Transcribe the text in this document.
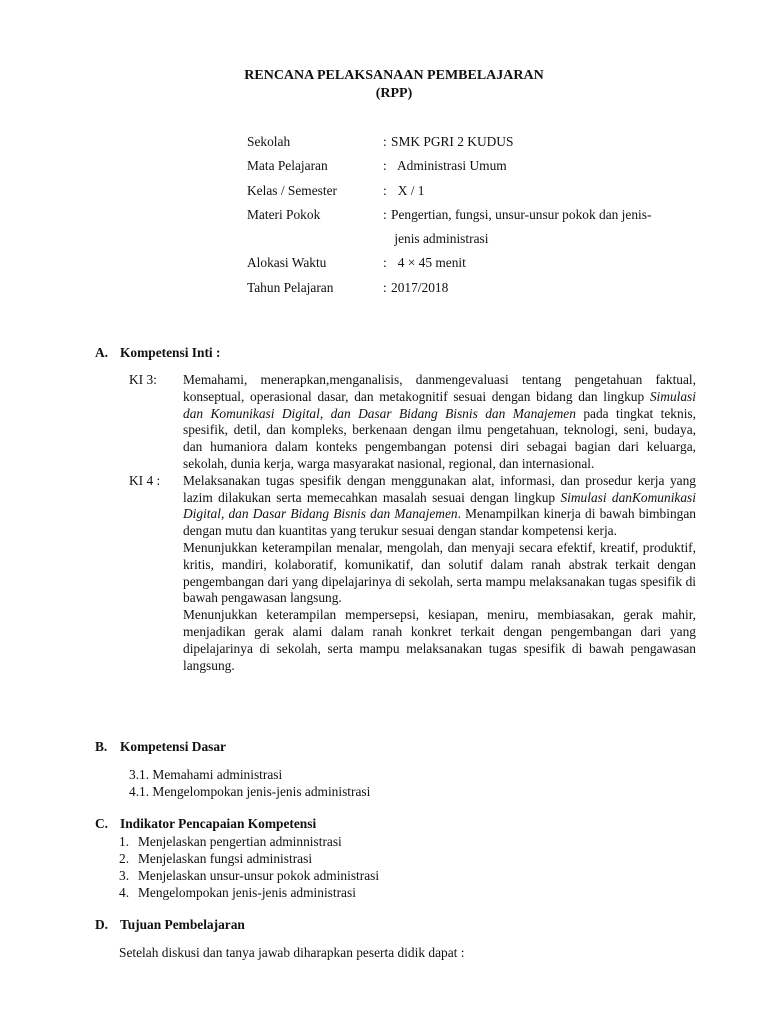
RENCANA PELAKSANAAN PEMBELAJARAN
(RPP)
Sekolah	: SMK PGRI 2 KUDUS
Mata Pelajaran	: Administrasi Umum
Kelas / Semester	: X / 1
Materi Pokok	: Pengertian, fungsi, unsur-unsur pokok dan jenis-
jenis administrasi
Alokasi Waktu	: 4 × 45 menit
Tahun Pelajaran	: 2017/2018
A. Kompetensi Inti :
KI 3:	Memahami, menerapkan,menganalisis, danmengevaluasi tentang pengetahuan faktual, konseptual, operasional dasar, dan metakognitif sesuai dengan bidang dan lingkup Simulasi dan Komunikasi Digital, dan Dasar Bidang Bisnis dan Manajemen pada tingkat teknis, spesifik, detil, dan kompleks, berkenaan dengan ilmu pengetahuan, teknologi, seni, budaya, dan humaniora dalam konteks pengembangan potensi diri sebagai bagian dari keluarga, sekolah, dunia kerja, warga masyarakat nasional, regional, dan internasional.
KI 4 :	Melaksanakan tugas spesifik dengan menggunakan alat, informasi, dan prosedur kerja yang lazim dilakukan serta memecahkan masalah sesuai dengan lingkup Simulasi danKomunikasi Digital, dan Dasar Bidang Bisnis dan Manajemen. Menampilkan kinerja di bawah bimbingan dengan mutu dan kuantitas yang terukur sesuai dengan standar kompetensi kerja.

Menunjukkan keterampilan menalar, mengolah, dan menyaji secara efektif, kreatif, produktif, kritis, mandiri, kolaboratif, komunikatif, dan solutif dalam ranah abstrak terkait dengan pengembangan dari yang dipelajarinya di sekolah, serta mampu melaksanakan tugas spesifik di bawah pengawasan langsung.

Menunjukkan keterampilan mempersepsi, kesiapan, meniru, membiasakan, gerak mahir, menjadikan gerak alami dalam ranah konkret terkait dengan pengembangan dari yang dipelajarinya di sekolah, serta mampu melaksanakan tugas spesifik di bawah pengawasan langsung.

B. Kompetensi Dasar
3.1. Memahami administrasi
4.1. Mengelompokan jenis-jenis administrasi
C. Indikator Pencapaian Kompetensi
1. Menjelaskan pengertian adminnistrasi
2. Menjelaskan fungsi administrasi
3. Menjelaskan unsur-unsur pokok administrasi
4. Mengelompokan jenis-jenis administrasi
D. Tujuan Pembelajaran
Setelah diskusi dan tanya jawab diharapkan peserta didik dapat :
